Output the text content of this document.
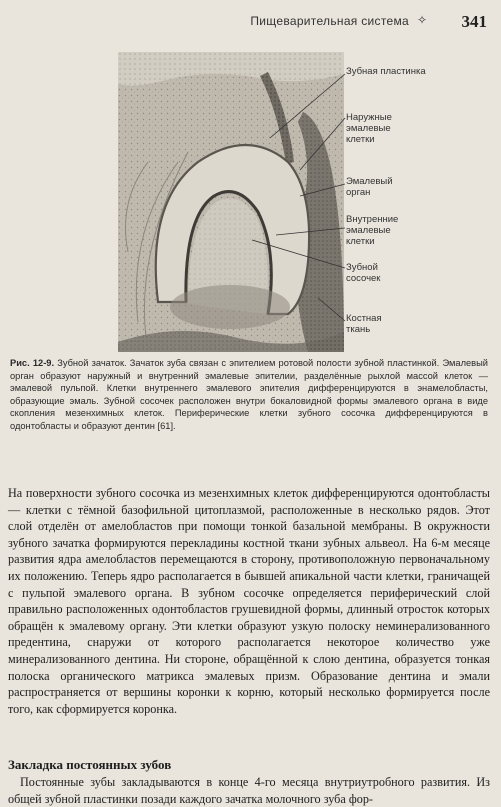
Пищеварительная система ✧ 341
Зубная пластинка
Наружные эмалевые клетки
Эмалевый орган
Внутренние эмалевые клетки
Зубной сосочек
Костная ткань
Рис. 12-9. Зубной зачаток. Зачаток зуба связан с эпителием ротовой полости зубной пластинкой. Эмалевый орган образуют наружный и внутренний эмалевые эпителии, разделённые рыхлой массой клеток — эмалевой пульпой. Клетки внутреннего эмалевого эпителия дифференцируются в энамелобласты, образующие эмаль. Зубной сосочек расположен внутри бокаловидной формы эмалевого органа в виде скопления мезенхимных клеток. Периферические клетки зубного сосочка дифференцируются в одонтобласты и образуют дентин [61].

На поверхности зубного сосочка из мезенхимных клеток дифференцируются одонтобласты — клетки с тёмной базофильной цитоплазмой, расположенные в несколько рядов. Этот слой отделён от амелобластов при помощи тонкой базальной мембраны. В окружности зубного зачатка формируются перекладины костной ткани зубных альвеол. На 6-м месяце развития ядра амелобластов перемещаются в сторону, противоположную первоначальному их положению. Теперь ядро располагается в бывшей апикальной части клетки, граничащей с пульпой эмалевого органа. В зубном сосочке определяется периферический слой правильно расположенных одонтобластов грушевидной формы, длинный отросток которых обращён к эмалевому органу. Эти клетки образуют узкую полоску неминерализованного предентина, снаружи от которого располагается некоторое количество уже минерализованного дентина. Ни стороне, обращённой к слою дентина, образуется тонкая полоска органического матрикса эмалевых призм. Образование дентина и эмали распространяется от вершины коронки к корню, который несколько формируется после того, как сформируется коронка.

Закладка постоянных зубов

Постоянные зубы закладываются в конце 4-го месяца внутриутробного развития. Из общей зубной пластинки позади каждого зачатка молочного зуба фор-
